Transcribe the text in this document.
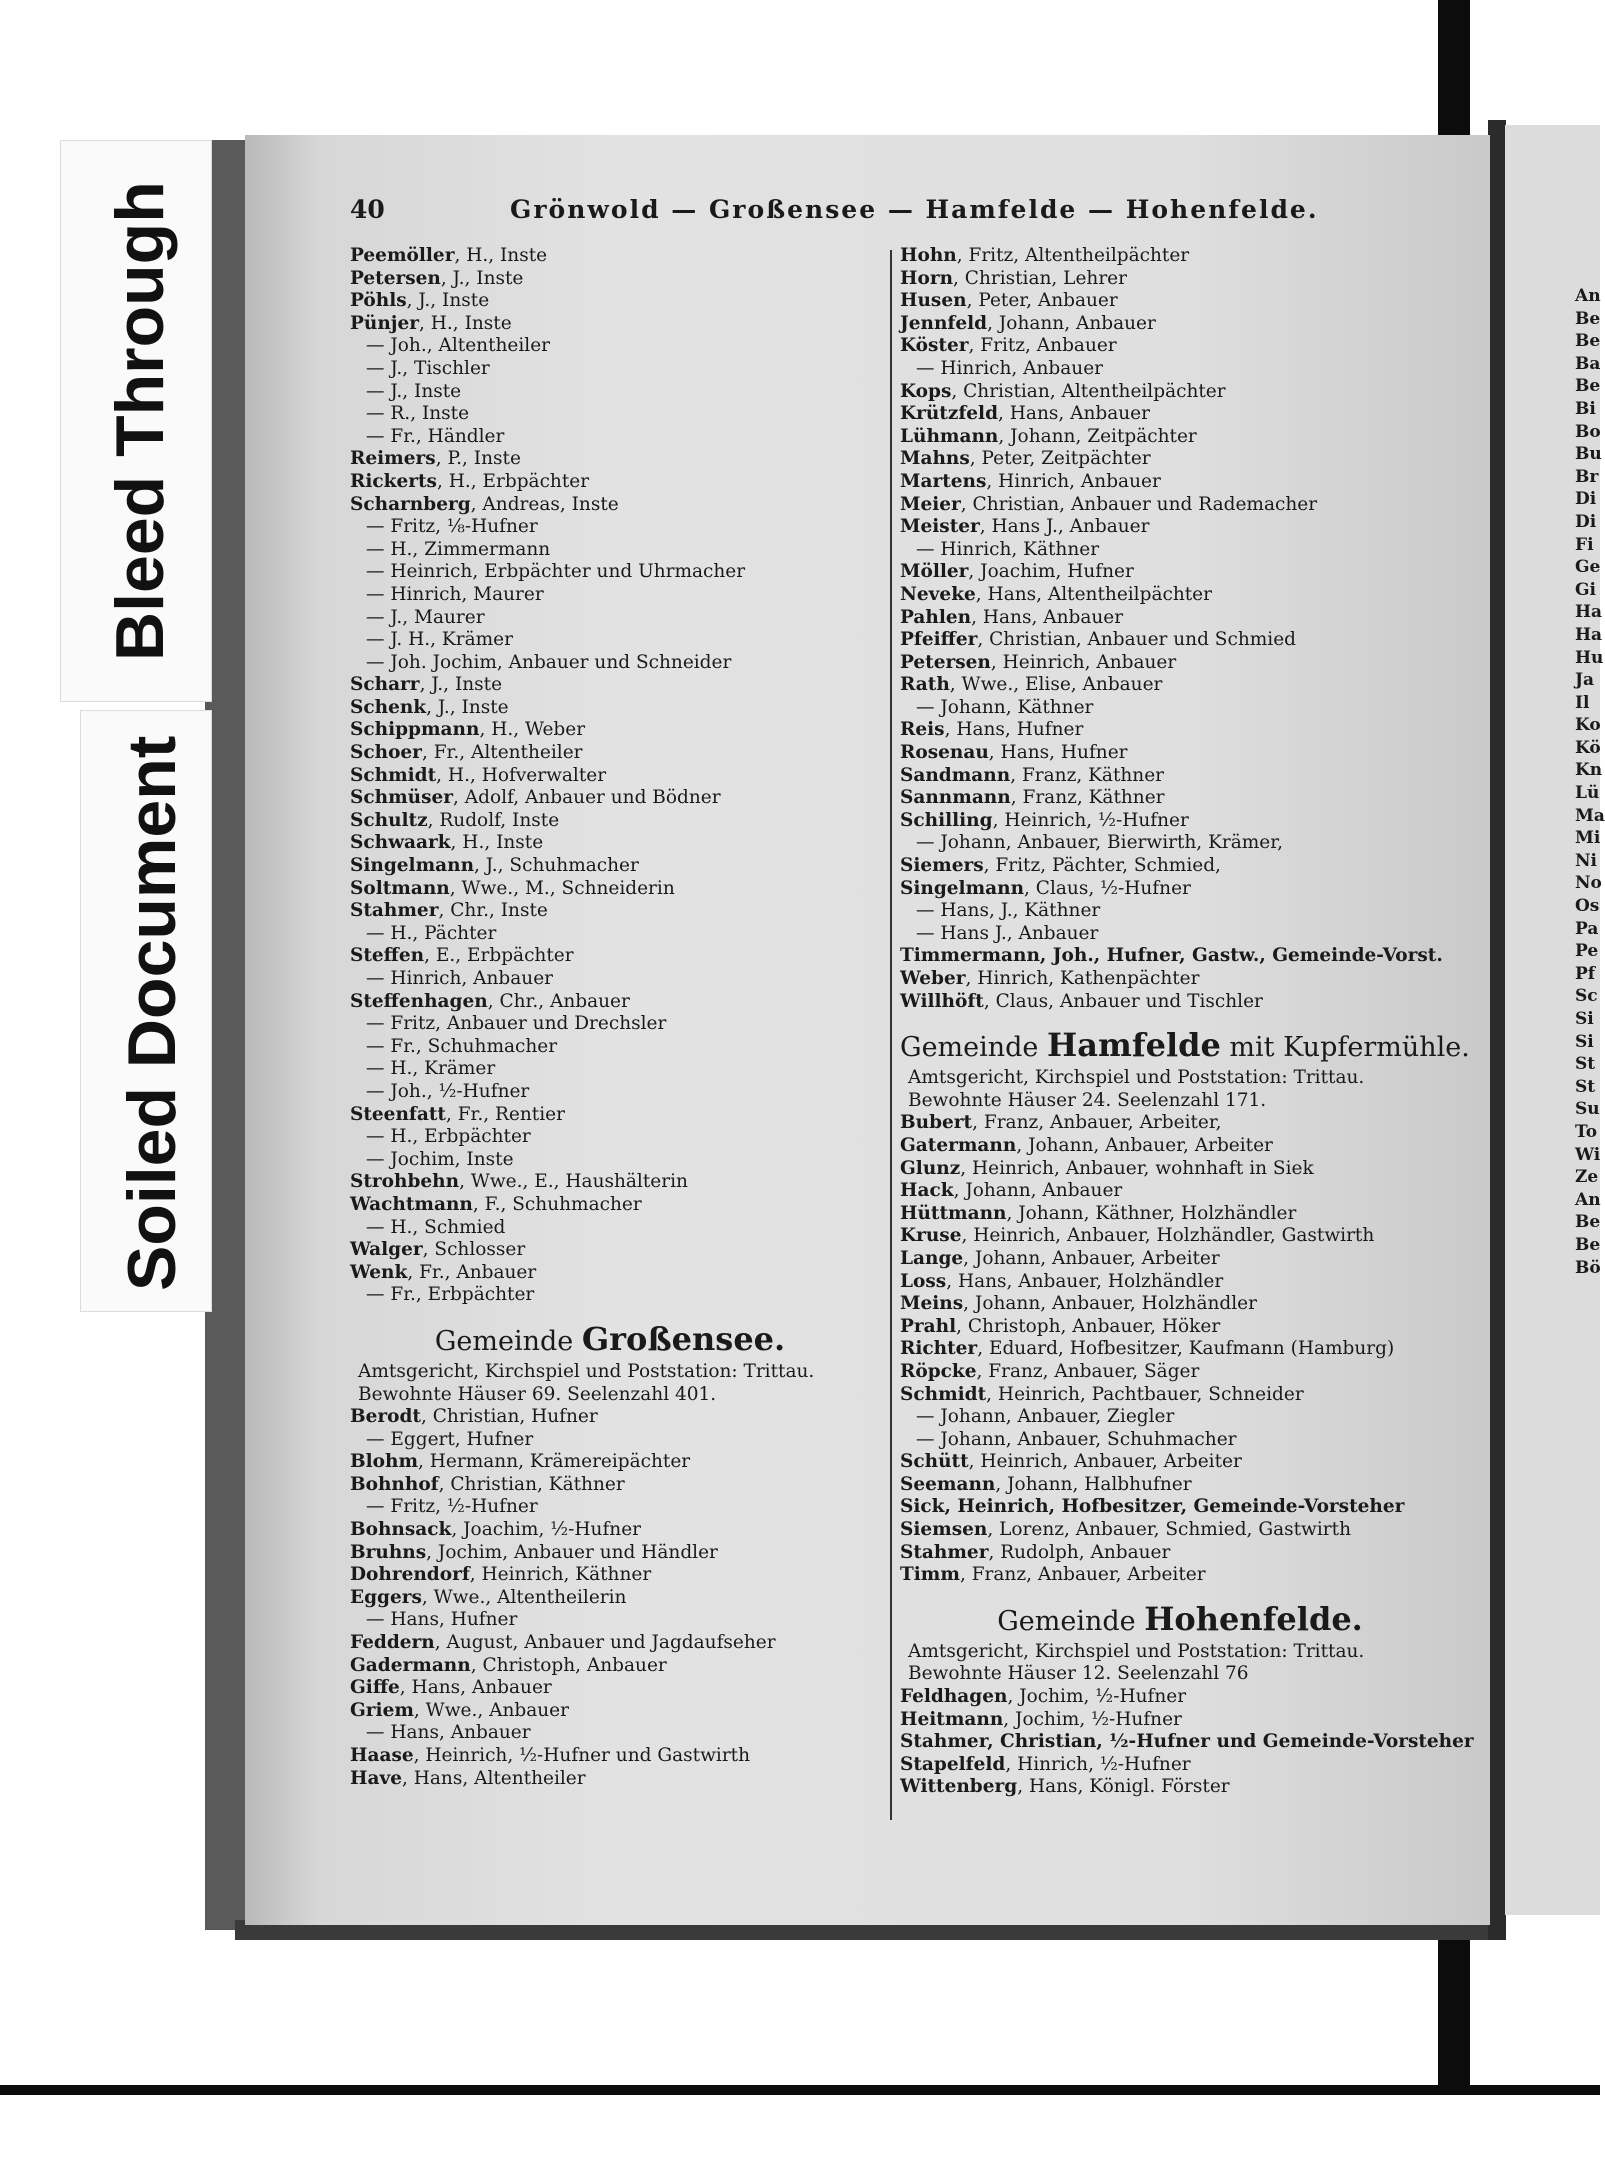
Bleed Through
Soiled Document
40	Grönwold — Großensee — Hamfelde — Hohenfelde.
Peemöller, H., Inste
Petersen, J., Inste
Pöhls, J., Inste
Pünjer, H., Inste
— Joh., Altentheiler
— J., Tischler
— J., Inste
— R., Inste
— Fr., Händler
Reimers, P., Inste
Rickerts, H., Erbpächter
Scharnberg, Andreas, Inste
— Fritz, ⅛-Hufner
— H., Zimmermann
— Heinrich, Erbpächter und Uhrmacher
— Hinrich, Maurer
— J., Maurer
— J. H., Krämer
— Joh. Jochim, Anbauer und Schneider
Scharr, J., Inste
Schenk, J., Inste
Schippmann, H., Weber
Schoer, Fr., Altentheiler
Schmidt, H., Hofverwalter
Schmüser, Adolf, Anbauer und Bödner
Schultz, Rudolf, Inste
Schwaark, H., Inste
Singelmann, J., Schuhmacher
Soltmann, Wwe., M., Schneiderin
Stahmer, Chr., Inste
— H., Pächter
Steffen, E., Erbpächter
— Hinrich, Anbauer
Steffenhagen, Chr., Anbauer
— Fritz, Anbauer und Drechsler
— Fr., Schuhmacher
— H., Krämer
— Joh., ½-Hufner
Steenfatt, Fr., Rentier
— H., Erbpächter
— Jochim, Inste
Strohbehn, Wwe., E., Haushälterin
Wachtmann, F., Schuhmacher
— H., Schmied
Walger, Schlosser
Wenk, Fr., Anbauer
— Fr., Erbpächter
Gemeinde Großensee.
Amtsgericht, Kirchspiel und Poststation: Trittau.
Bewohnte Häuser 69. Seelenzahl 401.
Berodt, Christian, Hufner
— Eggert, Hufner
Blohm, Hermann, Krämereipächter
Bohnhof, Christian, Käthner
— Fritz, ½-Hufner
Bohnsack, Joachim, ½-Hufner
Bruhns, Jochim, Anbauer und Händler
Dohrendorf, Heinrich, Käthner
Eggers, Wwe., Altentheilerin
— Hans, Hufner
Feddern, August, Anbauer und Jagdaufseher
Gadermann, Christoph, Anbauer
Giffe, Hans, Anbauer
Griem, Wwe., Anbauer
— Hans, Anbauer
Haase, Heinrich, ½-Hufner und Gastwirth
Have, Hans, Altentheiler
Hohn, Fritz, Altentheilpächter
Horn, Christian, Lehrer
Husen, Peter, Anbauer
Jennfeld, Johann, Anbauer
Köster, Fritz, Anbauer
— Hinrich, Anbauer
Kops, Christian, Altentheilpächter
Krützfeld, Hans, Anbauer
Lühmann, Johann, Zeitpächter
Mahns, Peter, Zeitpächter
Martens, Hinrich, Anbauer
Meier, Christian, Anbauer und Rademacher
Meister, Hans J., Anbauer
— Hinrich, Käthner
Möller, Joachim, Hufner
Neveke, Hans, Altentheilpächter
Pahlen, Hans, Anbauer
Pfeiffer, Christian, Anbauer und Schmied
Petersen, Heinrich, Anbauer
Rath, Wwe., Elise, Anbauer
— Johann, Käthner
Reis, Hans, Hufner
Rosenau, Hans, Hufner
Sandmann, Franz, Käthner
Sannmann, Franz, Käthner
Schilling, Heinrich, ½-Hufner
— Johann, Anbauer, Bierwirth, Krämer,
Siemers, Fritz, Pächter, Schmied,
Singelmann, Claus, ½-Hufner
— Hans, J., Käthner
— Hans J., Anbauer
Timmermann, Joh., Hufner, Gastw., Gemeinde-Vorst.
Weber, Hinrich, Kathenpächter
Willhöft, Claus, Anbauer und Tischler
Gemeinde Hamfelde mit Kupfermühle.
Amtsgericht, Kirchspiel und Poststation: Trittau.
Bewohnte Häuser 24. Seelenzahl 171.
Bubert, Franz, Anbauer, Arbeiter,
Gatermann, Johann, Anbauer, Arbeiter
Glunz, Heinrich, Anbauer, wohnhaft in Siek
Hack, Johann, Anbauer
Hüttmann, Johann, Käthner, Holzhändler
Kruse, Heinrich, Anbauer, Holzhändler, Gastwirth
Lange, Johann, Anbauer, Arbeiter
Loss, Hans, Anbauer, Holzhändler
Meins, Johann, Anbauer, Holzhändler
Prahl, Christoph, Anbauer, Höker
Richter, Eduard, Hofbesitzer, Kaufmann (Hamburg)
Röpcke, Franz, Anbauer, Säger
Schmidt, Heinrich, Pachtbauer, Schneider
— Johann, Anbauer, Ziegler
— Johann, Anbauer, Schuhmacher
Schütt, Heinrich, Anbauer, Arbeiter
Seemann, Johann, Halbhufner
Sick, Heinrich, Hofbesitzer, Gemeinde-Vorsteher
Siemsen, Lorenz, Anbauer, Schmied, Gastwirth
Stahmer, Rudolph, Anbauer
Timm, Franz, Anbauer, Arbeiter
Gemeinde Hohenfelde.
Amtsgericht, Kirchspiel und Poststation: Trittau.
Bewohnte Häuser 12. Seelenzahl 76
Feldhagen, Jochim, ½-Hufner
Heitmann, Jochim, ½-Hufner
Stahmer, Christian, ½-Hufner und Gemeinde-Vorsteher
Stapelfeld, Hinrich, ½-Hufner
Wittenberg, Hans, Königl. Förster
An
Be
Be
Ba
Be
Bi
Bo
Bu
Br
Di
Di
Fi
Ge
Gi
Ha
Ha
Hu
Ja
Il
Ko
Kö
Kn
Lü
Ma
Mi
Ni
No
Os
Pa
Pe
Pf
Sc
Si
Si
St
St
Su
To
Wi
Ze
An
Be
Be
Bö
